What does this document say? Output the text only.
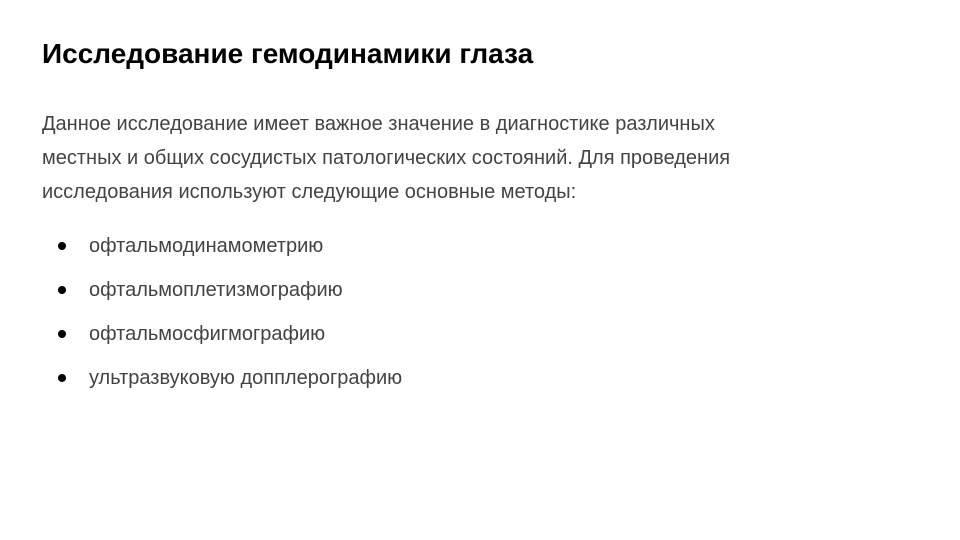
Исследование гемодинамики глаза

Данное исследование имеет важное значение в диагностике различных
местных и общих сосудистых патологических состояний. Для проведения
исследования используют следующие основные методы:

офтальмодинамометрию
офтальмоплетизмографию
офтальмосфигмографию
ультразвуковую допплерографию
